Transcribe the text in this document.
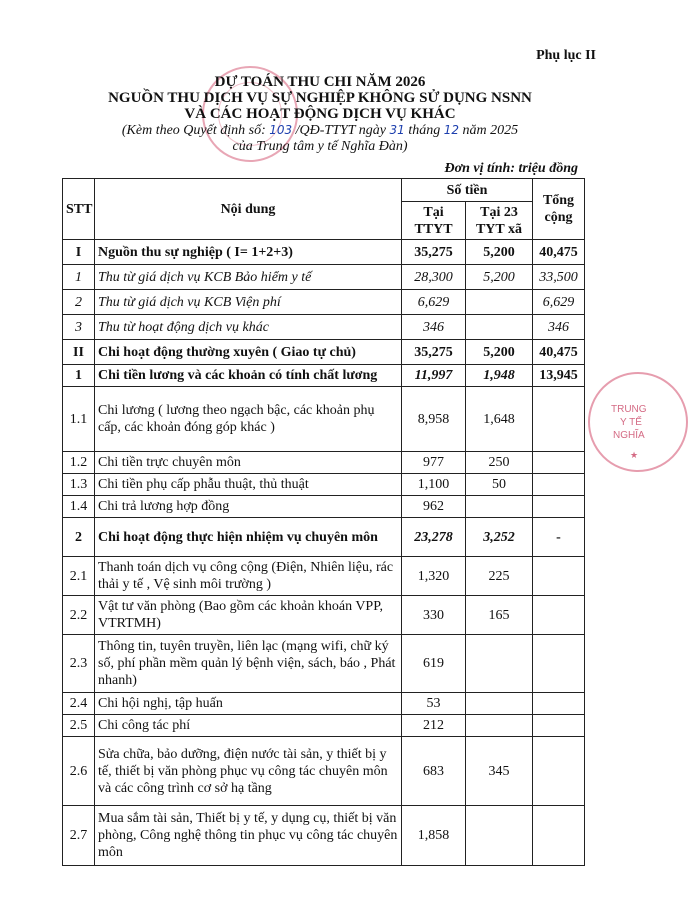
Phụ lục II
DỰ TOÁN THU CHI NĂM 2026
NGUỒN THU DỊCH VỤ SỰ NGHIỆP KHÔNG SỬ DỤNG NSNN
VÀ CÁC HOẠT ĐỘNG DỊCH VỤ KHÁC
(Kèm theo Quyết định số: 103 /QĐ-TTYT ngày 31 tháng 12 năm 2025
của Trung tâm y tế Nghĩa Đàn)
Đơn vị tính: triệu đồng
TRUNG
Y TẾ
NGHĨA
★
STT	Nội dung	Số tiền		Tổng cộng
		Tại TTYT	Tại 23 TYT xã	
I	Nguồn thu sự nghiệp ( I= 1+2+3)	35,275	5,200	40,475
1	Thu từ giá dịch vụ KCB Bảo hiểm y tế	28,300	5,200	33,500
2	Thu từ giá dịch vụ KCB Viện phí	6,629		6,629
3	Thu từ hoạt động dịch vụ khác	346		346
II	Chi hoạt động thường xuyên ( Giao tự chủ)	35,275	5,200	40,475
1	Chi tiền lương và các khoản có tính chất lương	11,997	1,948	13,945
1.1	Chi lương ( lương theo ngạch bậc, các khoản phụ cấp, các khoản đóng góp khác )	8,958	1,648	
1.2	Chi tiền trực chuyên môn	977	250	
1.3	Chi tiền phụ cấp phẫu thuật, thủ thuật	1,100	50	
1.4	Chi trả lương hợp đồng	962		
2	Chi hoạt động thực hiện nhiệm vụ chuyên môn	23,278	3,252	-
2.1	Thanh toán dịch vụ công cộng (Điện, Nhiên liệu, rác thải y tế , Vệ sinh môi trường )	1,320	225	
2.2	Vật tư văn phòng (Bao gồm các khoản khoán VPP, VTRTMH)	330	165	
2.3	Thông tin, tuyên truyền, liên lạc (mạng wifi, chữ ký số, phí phần mềm quản lý bệnh viện, sách, báo , Phát nhanh)	619		
2.4	Chi hội nghị, tập huấn	53		
2.5	Chi công tác phí	212		
2.6	Sửa chữa, bảo dưỡng, điện nước tài sản, y thiết bị y tế, thiết bị văn phòng phục vụ công tác chuyên môn và các công trình cơ sở hạ tầng	683	345	
2.7	Mua sắm tài sản, Thiết bị y tế, y dụng cụ, thiết bị văn phòng, Công nghệ thông tin phục vụ công tác chuyên môn	1,858		
